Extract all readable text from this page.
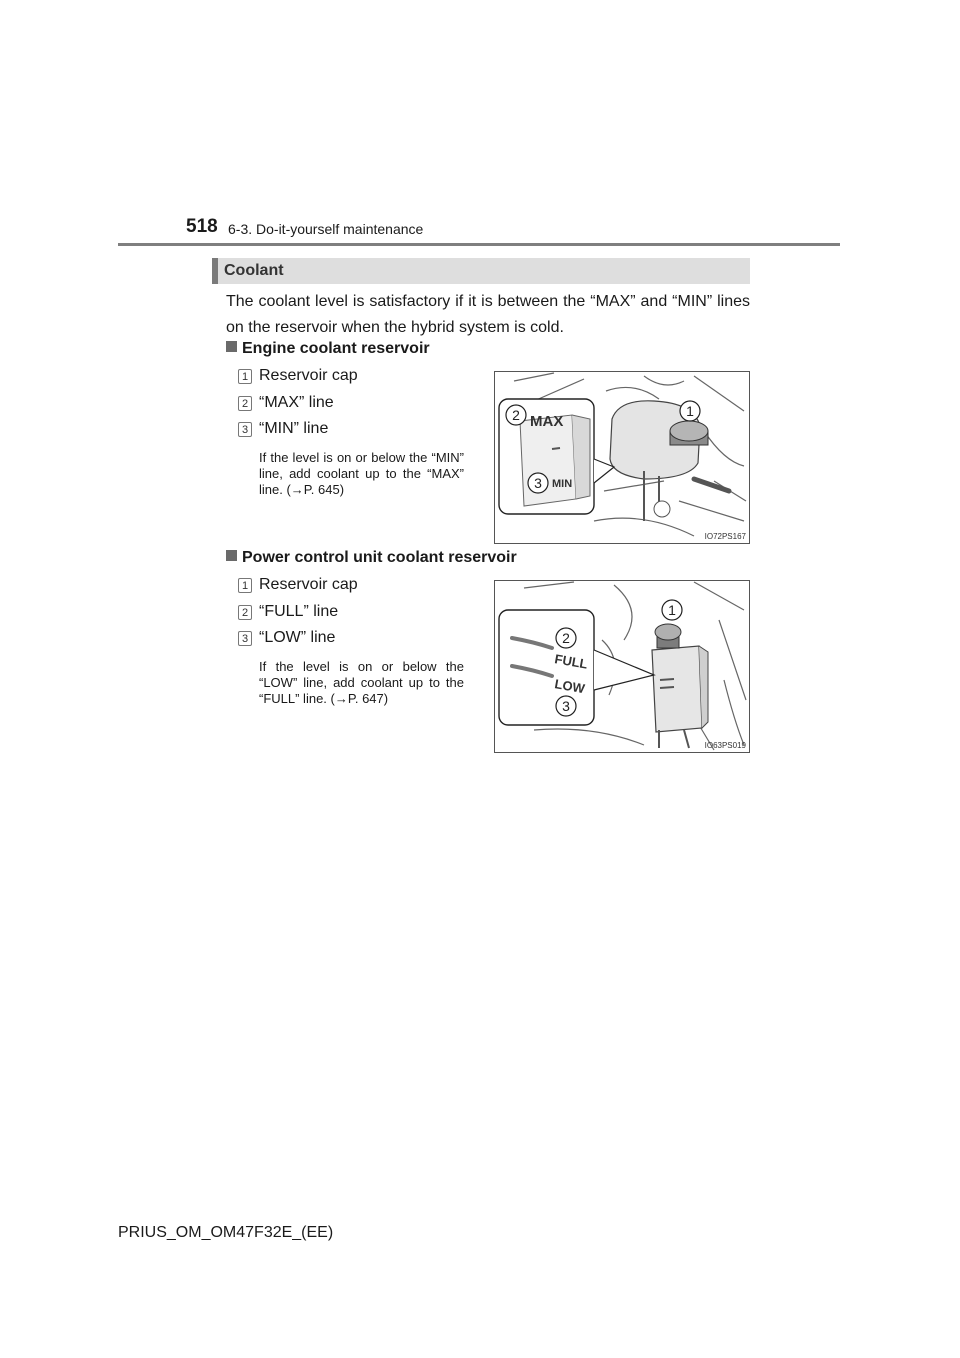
518 6-3. Do-it-yourself maintenance
Coolant
The coolant level is satisfactory if it is between the “MAX” and “MIN” lines on the reservoir when the hybrid system is cold.
Engine coolant reservoir
1 Reservoir cap
2 “MAX” line
3 “MIN” line
If the level is on or below the “MIN” line, add coolant up to the “MAX” line. (→P. 645)
MAX
MIN
2
3
1
IO72PS167
Power control unit coolant reservoir
1 Reservoir cap
2 “FULL” line
3 “LOW” line
If the level is on or below the “LOW” line, add coolant up to the “FULL” line. (→P. 647)
FULL
LOW
2
3
1
IO63PS019
PRIUS_OM_OM47F32E_(EE)
